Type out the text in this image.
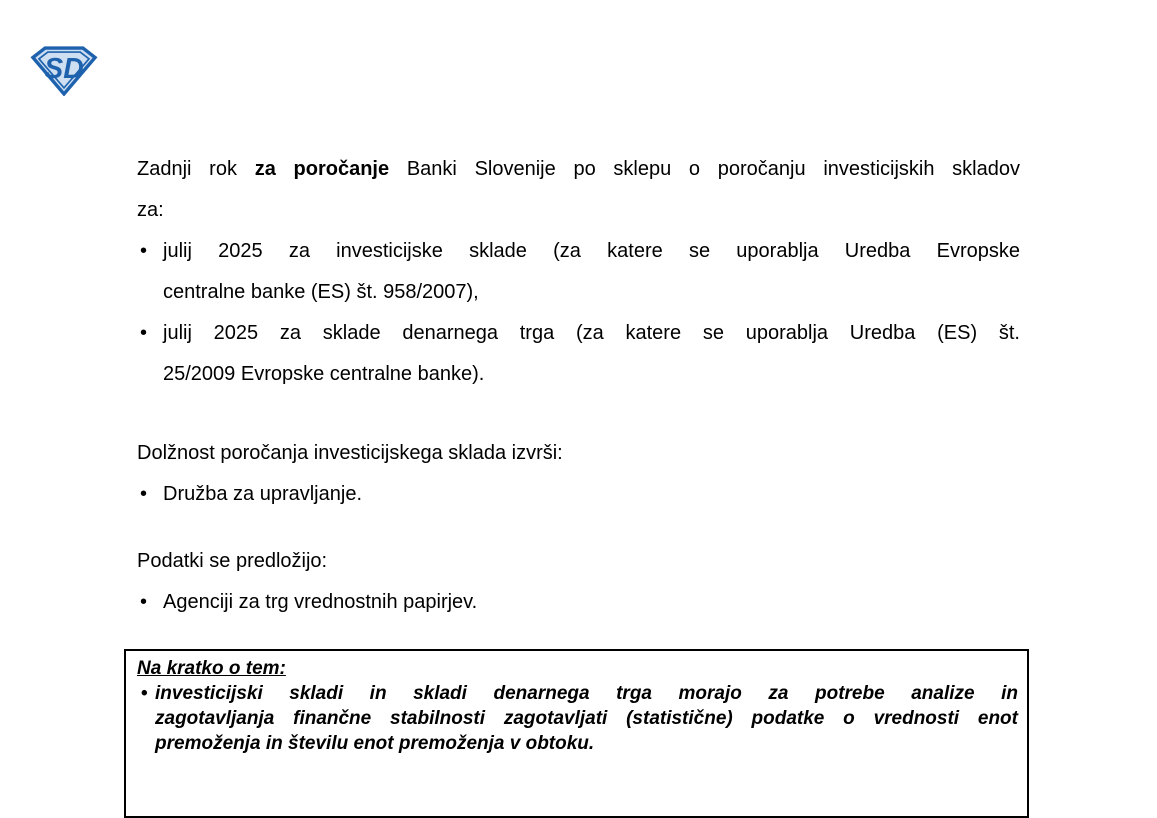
SD
Zadnji rok za poročanje Banki Slovenije po sklepu o poročanju investicijskih skladov
za:
• julij 2025 za investicijske sklade (za katere se uporablja Uredba Evropske
centralne banke (ES) št. 958/2007),
• julij 2025 za sklade denarnega trga (za katere se uporablja Uredba (ES) št.
25/2009 Evropske centralne banke).
Dolžnost poročanja investicijskega sklada izvrši:
• Družba za upravljanje.
Podatki se predložijo:
• Agenciji za trg vrednostnih papirjev.
Na kratko o tem:
• investicijski skladi in skladi denarnega trga morajo za potrebe analize in
zagotavljanja finančne stabilnosti zagotavljati (statistične) podatke o vrednosti enot
premoženja in številu enot premoženja v obtoku.
